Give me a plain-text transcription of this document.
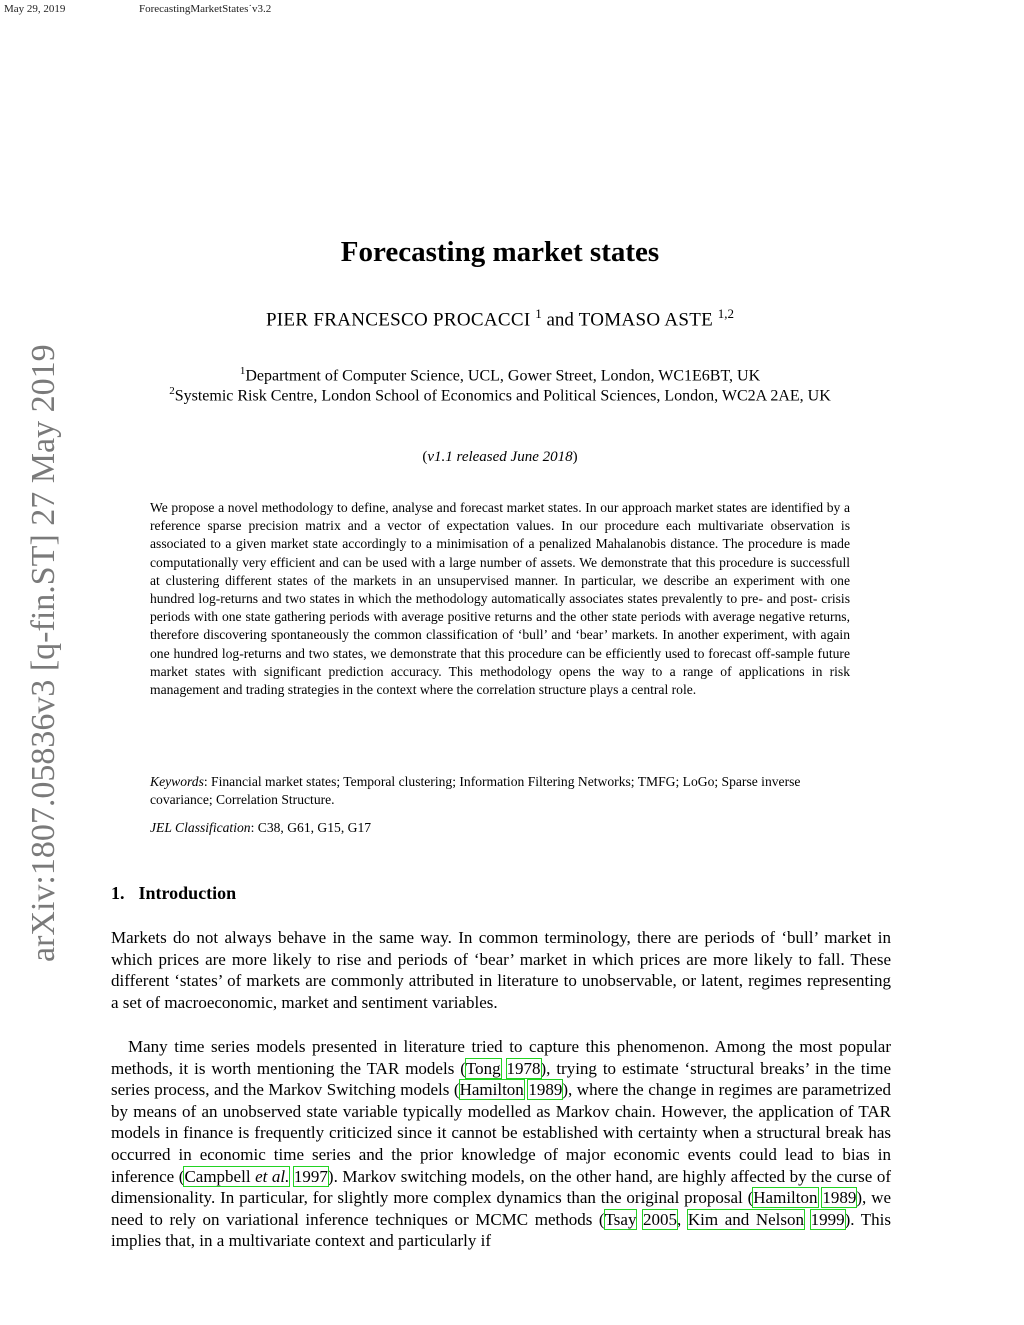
May 29, 2019	ForecastingMarketStates˙v3.2
arXiv:1807.05836v3 [q-fin.ST] 27 May 2019
Forecasting market states
PIER FRANCESCO PROCACCI $^1$ and TOMASO ASTE $^{1,2}$
$^1$Department of Computer Science, UCL, Gower Street, London, WC1E6BT, UK
$^2$Systemic Risk Centre, London School of Economics and Political Sciences, London, WC2A 2AE, UK
(v1.1 released June 2018)
We propose a novel methodology to define, analyse and forecast market states. In our approach market states are identified by a reference sparse precision matrix and a vector of expectation values. In our procedure each multivariate observation is associated to a given market state accordingly to a minimisation of a penalized Mahalanobis distance. The procedure is made computationally very efficient and can be used with a large number of assets. We demonstrate that this procedure is successfull at clustering different states of the markets in an unsupervised manner. In particular, we describe an experiment with one hundred log-returns and two states in which the methodology automatically associates states prevalently to pre- and post- crisis periods with one state gathering periods with average positive returns and the other state periods with average negative returns, therefore discovering spontaneously the common classification of ‘bull’ and ‘bear’ markets. In another experiment, with again one hundred log-returns and two states, we demonstrate that this procedure can be efficiently used to forecast off-sample future market states with significant prediction accuracy. This methodology opens the way to a range of applications in risk management and trading strategies in the context where the correlation structure plays a central role.
Keywords: Financial market states; Temporal clustering; Information Filtering Networks; TMFG; LoGo; Sparse inverse covariance; Correlation Structure.
JEL Classification: C38, G61, G15, G17
1. Introduction
Markets do not always behave in the same way. In common terminology, there are periods of ‘bull’ market in which prices are more likely to rise and periods of ‘bear’ market in which prices are more likely to fall. These different ‘states’ of markets are commonly attributed in literature to unobservable, or latent, regimes representing a set of macroeconomic, market and sentiment variables.
Many time series models presented in literature tried to capture this phenomenon. Among the most popular methods, it is worth mentioning the TAR models (Tong 1978), trying to estimate ‘structural breaks’ in the time series process, and the Markov Switching models (Hamilton 1989), where the change in regimes are parametrized by means of an unobserved state variable typically modelled as Markov chain. However, the application of TAR models in finance is frequently criticized since it cannot be established with certainty when a structural break has occurred in economic time series and the prior knowledge of major economic events could lead to bias in inference (Campbell et al. 1997). Markov switching models, on the other hand, are highly affected by the curse of dimensionality. In particular, for slightly more complex dynamics than the original proposal (Hamilton 1989), we need to rely on variational inference techniques or MCMC methods (Tsay 2005, Kim and Nelson 1999). This implies that, in a multivariate context and particularly if
